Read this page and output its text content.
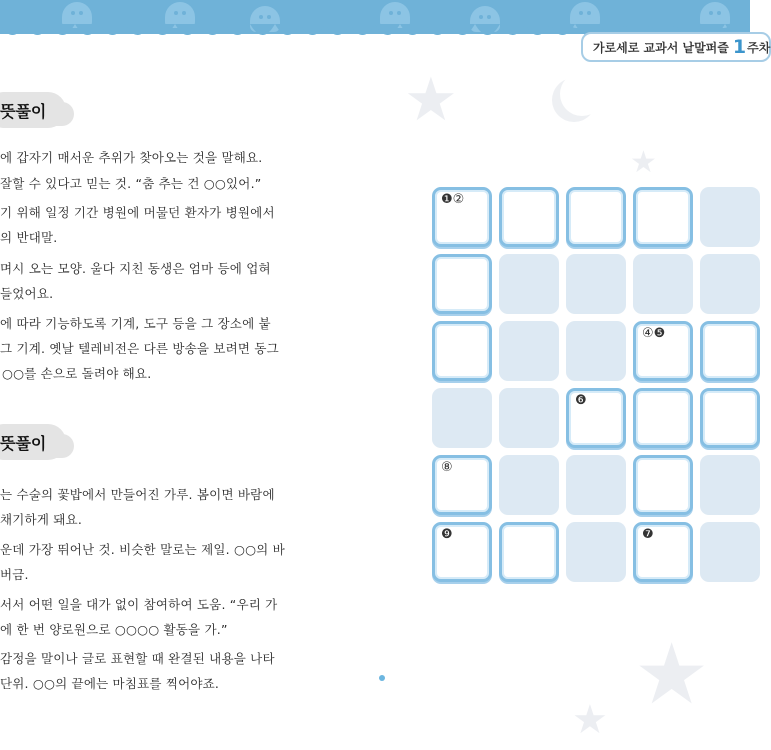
가로세로 교과서 낱말퍼즐 1 주차
★
★
★
★
뜻풀이
에 갑자기 매서운 추위가 찾아오는 것을 말해요.
잘할 수 있다고 믿는 것. “춤 추는 건 ○○있어.”
기 위해 일정 기간 병원에 머물던 환자가 병원에서
의 반대말.
며시 오는 모양. 울다 지친 동생은 엄마 등에 업혀
들었어요.
에 따라 기능하도록 기계, 도구 등을 그 장소에 붙
그 기계. 옛날 텔레비전은 다른 방송을 보려면 동그
○○를 손으로 돌려야 해요.
뜻풀이
는 수술의 꽃밥에서 만들어진 가루. 봄이면 바람에
채기하게 돼요.
운데 가장 뛰어난 것. 비슷한 말로는 제일. ○○의 바
버금.
서서 어떤 일을 대가 없이 참여하여 도움. “우리 가
에 한 번 양로원으로 ○○○○ 활동을 가.”
감정을 말이나 글로 표현할 때 완결된 내용을 나타
단위. ○○의 끝에는 마침표를 찍어야죠.
❶②
④❺
❻
⑧
❾	❼
